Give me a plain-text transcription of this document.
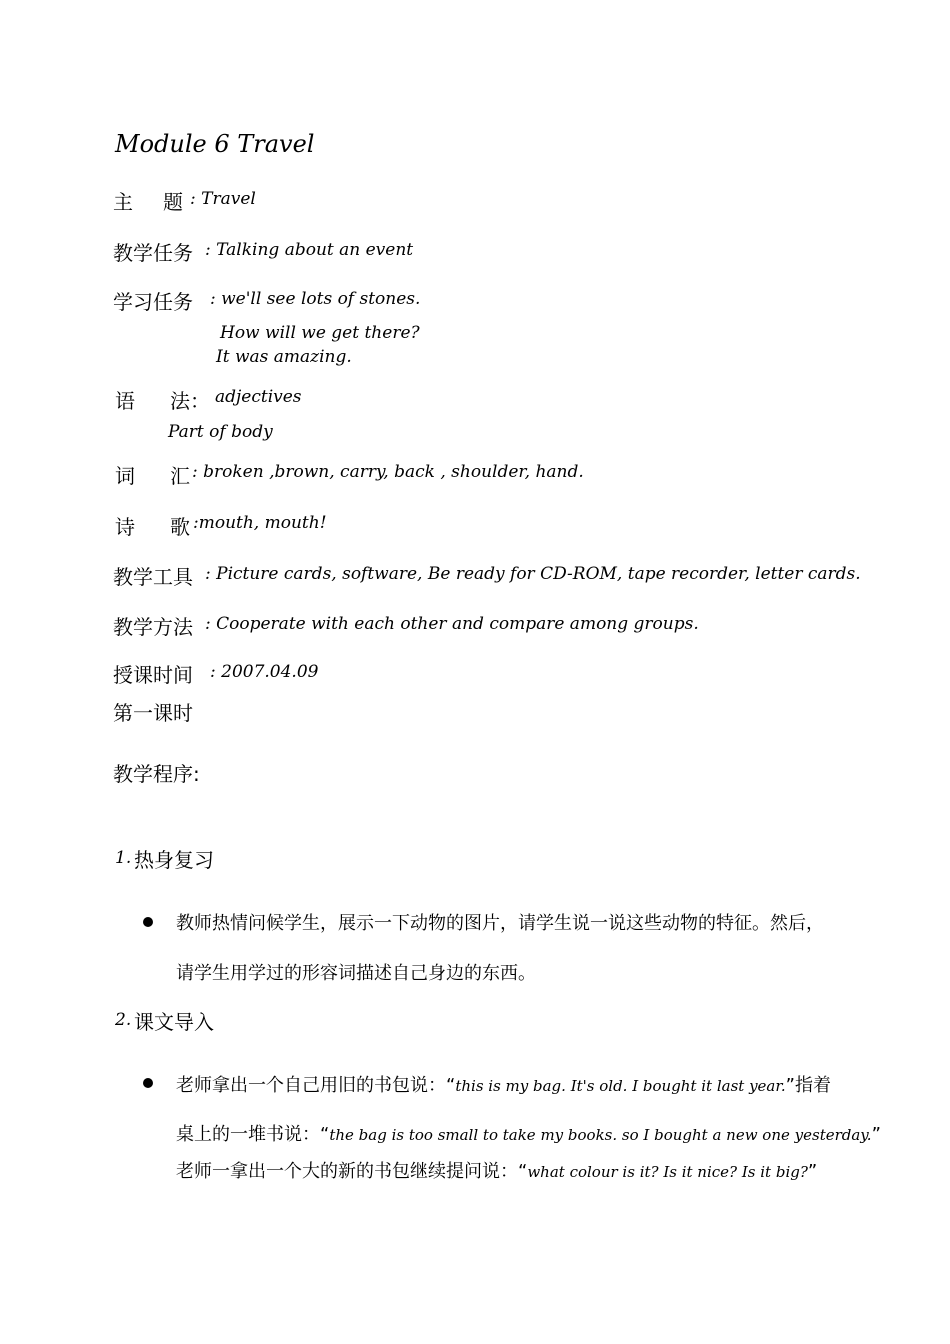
Module 6 Travel
主 题 : Travel
教学任务 : Talking about an event
学习任务 : we'll see lots of stones.
How will we get there?
It was amazing.
语 法： adjectives
Part of body
词 汇 : broken ,brown, carry, back , shoulder, hand.
诗 歌 :mouth, mouth!
教学工具 : Picture cards, software, Be ready for CD-ROM, tape recorder, letter cards.
教学方法 : Cooperate with each other and compare among groups.
授课时间 : 2007.04.09
第一课时
教学程序:
1. 热身复习
教师热情问候学生，展示一下动物的图片，请学生说一说这些动物的特征。然后，
请学生用学过的形容词描述自己身边的东西。
2. 课文导入
老师拿出一个自己用旧的书包说：“this is my bag. It's old. I bought it last year.”指着
桌上的一堆书说：“the bag is too small to take my books. so I bought a new one yesterday.”
老师一拿出一个大的新的书包继续提问说：“what colour is it? Is it nice? Is it big?”
